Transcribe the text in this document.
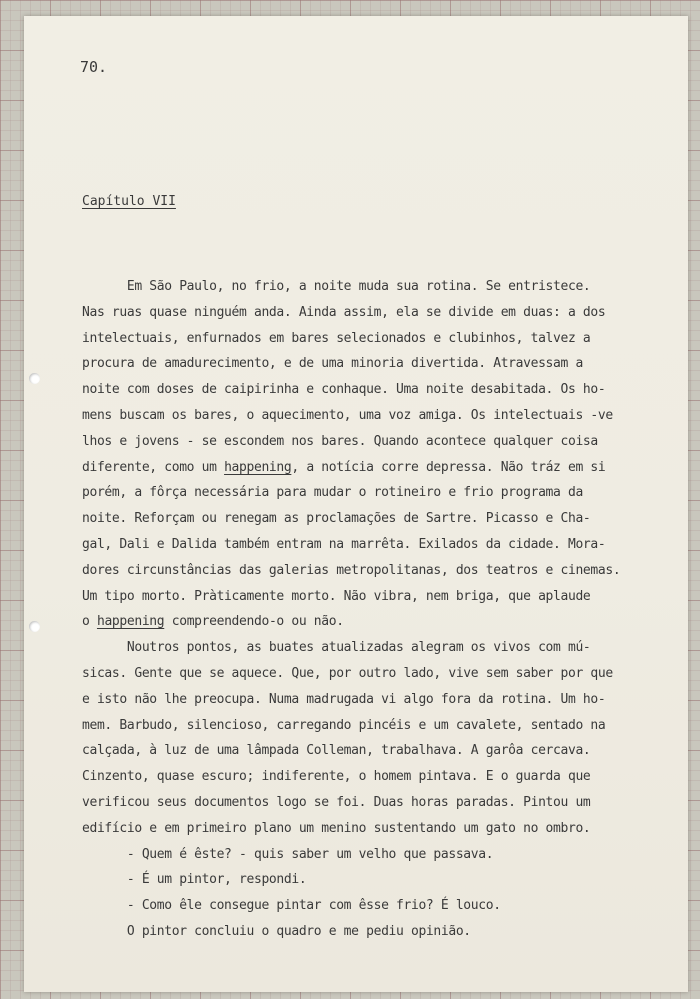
70.
Capítulo VII
Em São Paulo, no frio, a noite muda sua rotina. Se entristece.
Nas ruas quase ninguém anda. Ainda assim, ela se divide em duas: a dos
intelectuais, enfurnados em bares selecionados e clubinhos, talvez a
procura de amadurecimento, e de uma minoria divertida. Atravessam a
noite com doses de caipirinha e conhaque. Uma noite desabitada. Os ho-
mens buscam os bares, o aquecimento, uma voz amiga. Os intelectuais -ve
lhos e jovens - se escondem nos bares. Quando acontece qualquer coisa
diferente, como um happening, a notícia corre depressa. Não tráz em si
porém, a fôrça necessária para mudar o rotineiro e frio programa da
noite. Reforçam ou renegam as proclamações de Sartre. Picasso e Cha-
gal, Dali e Dalida também entram na marrêta. Exilados da cidade. Mora-
dores circunstâncias das galerias metropolitanas, dos teatros e cinemas.
Um tipo morto. Pràticamente morto. Não vibra, nem briga, que aplaude
o happening compreendendo-o ou não.
Noutros pontos, as buates atualizadas alegram os vivos com mú-
sicas. Gente que se aquece. Que, por outro lado, vive sem saber por que
e isto não lhe preocupa. Numa madrugada vi algo fora da rotina. Um ho-
mem. Barbudo, silencioso, carregando pincéis e um cavalete, sentado na
calçada, à luz de uma lâmpada Colleman, trabalhava. A garôa cercava.
Cinzento, quase escuro; indiferente, o homem pintava. E o guarda que
verificou seus documentos logo se foi. Duas horas paradas. Pintou um
edifício e em primeiro plano um menino sustentando um gato no ombro.
- Quem é êste? - quis saber um velho que passava.
- É um pintor, respondi.
- Como êle consegue pintar com êsse frio? É louco.
O pintor concluiu o quadro e me pediu opinião.
